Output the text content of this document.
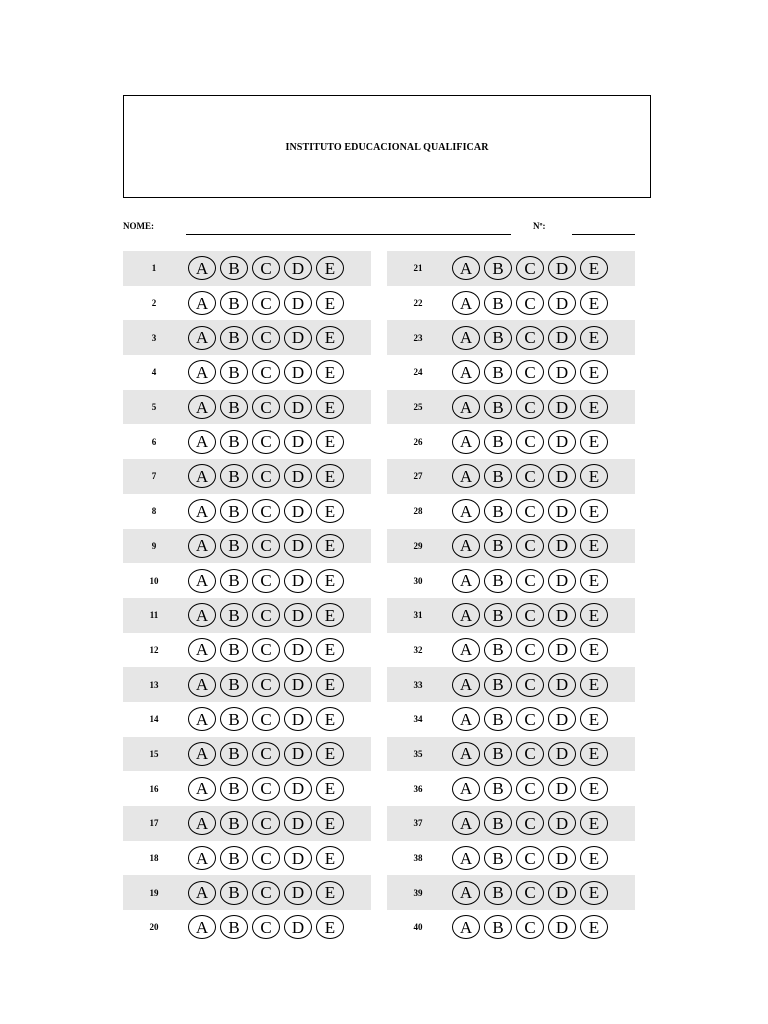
INSTITUTO EDUCACIONAL QUALIFICAR
NOME:	Nº:
1	A	B	C	D	E
2	A	B	C	D	E
3	A	B	C	D	E
4	A	B	C	D	E
5	A	B	C	D	E
6	A	B	C	D	E
7	A	B	C	D	E
8	A	B	C	D	E
9	A	B	C	D	E
10	A	B	C	D	E
11	A	B	C	D	E
12	A	B	C	D	E
13	A	B	C	D	E
14	A	B	C	D	E
15	A	B	C	D	E
16	A	B	C	D	E
17	A	B	C	D	E
18	A	B	C	D	E
19	A	B	C	D	E
20	A	B	C	D	E
21	A	B	C	D	E
22	A	B	C	D	E
23	A	B	C	D	E
24	A	B	C	D	E
25	A	B	C	D	E
26	A	B	C	D	E
27	A	B	C	D	E
28	A	B	C	D	E
29	A	B	C	D	E
30	A	B	C	D	E
31	A	B	C	D	E
32	A	B	C	D	E
33	A	B	C	D	E
34	A	B	C	D	E
35	A	B	C	D	E
36	A	B	C	D	E
37	A	B	C	D	E
38	A	B	C	D	E
39	A	B	C	D	E
40	A	B	C	D	E
